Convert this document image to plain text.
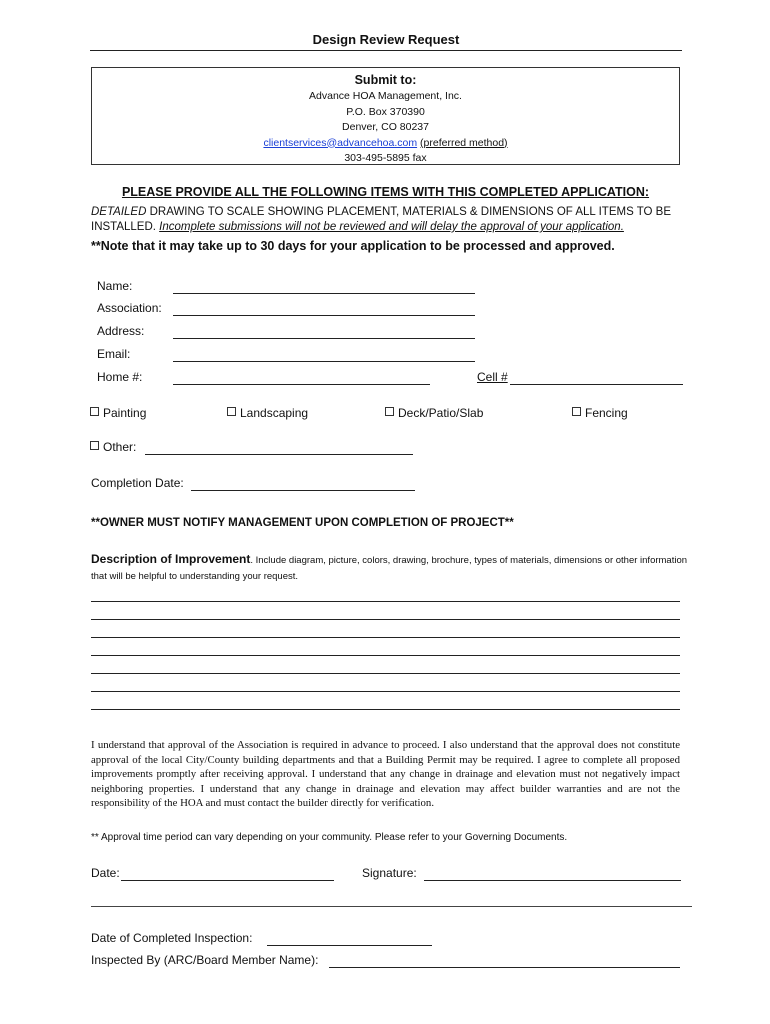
Design Review Request
Submit to:
Advance HOA Management, Inc.
P.O. Box 370390
Denver, CO 80237
clientservices@advancehoa.com (preferred method)
303-495-5895 fax
PLEASE PROVIDE ALL THE FOLLOWING ITEMS WITH THIS COMPLETED APPLICATION:
DETAILED DRAWING TO SCALE SHOWING PLACEMENT, MATERIALS & DIMENSIONS OF ALL ITEMS TO BE INSTALLED. Incomplete submissions will not be reviewed and will delay the approval of your application.
**Note that it may take up to 30 days for your application to be processed and approved.
Name:
Association:
Address:
Email:
Home #:	Cell #
Painting	Landscaping	Deck/Patio/Slab	Fencing
Other:
Completion Date:
**OWNER MUST NOTIFY MANAGEMENT UPON COMPLETION OF PROJECT**
Description of Improvement. Include diagram, picture, colors, drawing, brochure, types of materials, dimensions or other information that will be helpful to understanding your request.
I understand that approval of the Association is required in advance to proceed. I also understand that the approval does not constitute approval of the local City/County building departments and that a Building Permit may be required. I agree to complete all proposed improvements promptly after receiving approval. I understand that any change in drainage and elevation must not negatively impact neighboring properties. I understand that any change in drainage and elevation may affect builder warranties and are not the responsibility of the HOA and must contact the builder directly for verification.
** Approval time period can vary depending on your community. Please refer to your Governing Documents.
Date:	Signature:
Date of Completed Inspection:
Inspected By (ARC/Board Member Name):
